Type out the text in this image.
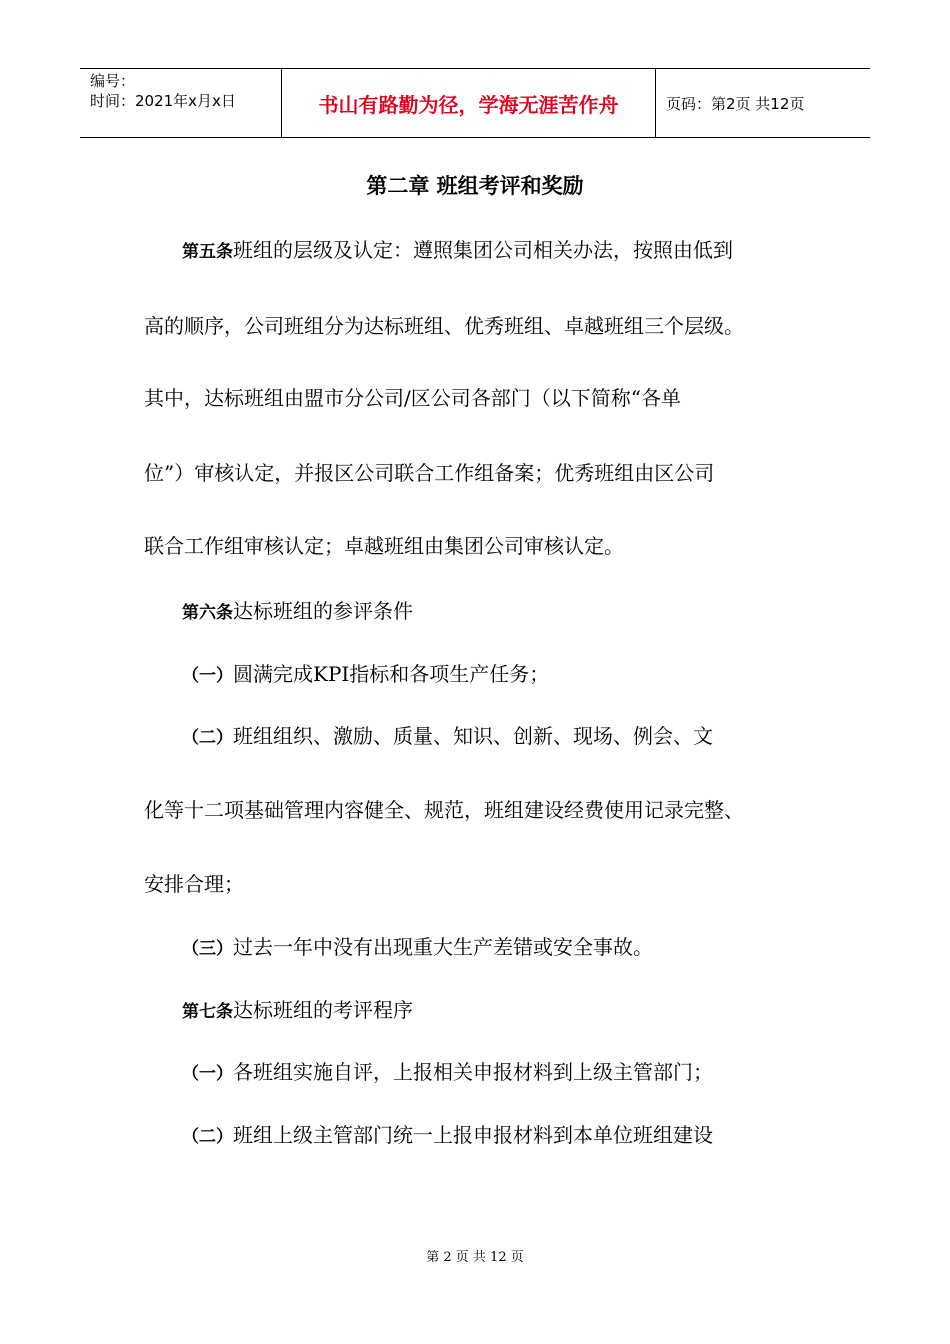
编号：
时间：2021年x月x日	书山有路勤为径，学海无涯苦作舟	页码：第2页 共12页
第二章 班组考评和奖励
第五条班组的层级及认定：遵照集团公司相关办法，按照由低到
高的顺序，公司班组分为达标班组、优秀班组、卓越班组三个层级。
其中，达标班组由盟市分公司/区公司各部门（以下简称“各单
位”）审核认定，并报区公司联合工作组备案；优秀班组由区公司
联合工作组审核认定；卓越班组由集团公司审核认定。
第六条达标班组的参评条件
（一）圆满完成KPI指标和各项生产任务；
（二）班组组织、激励、质量、知识、创新、现场、例会、文
化等十二项基础管理内容健全、规范，班组建设经费使用记录完整、
安排合理；
（三）过去一年中没有出现重大生产差错或安全事故。
第七条达标班组的考评程序
（一）各班组实施自评，上报相关申报材料到上级主管部门；
（二）班组上级主管部门统一上报申报材料到本单位班组建设
第 2 页 共 12 页
